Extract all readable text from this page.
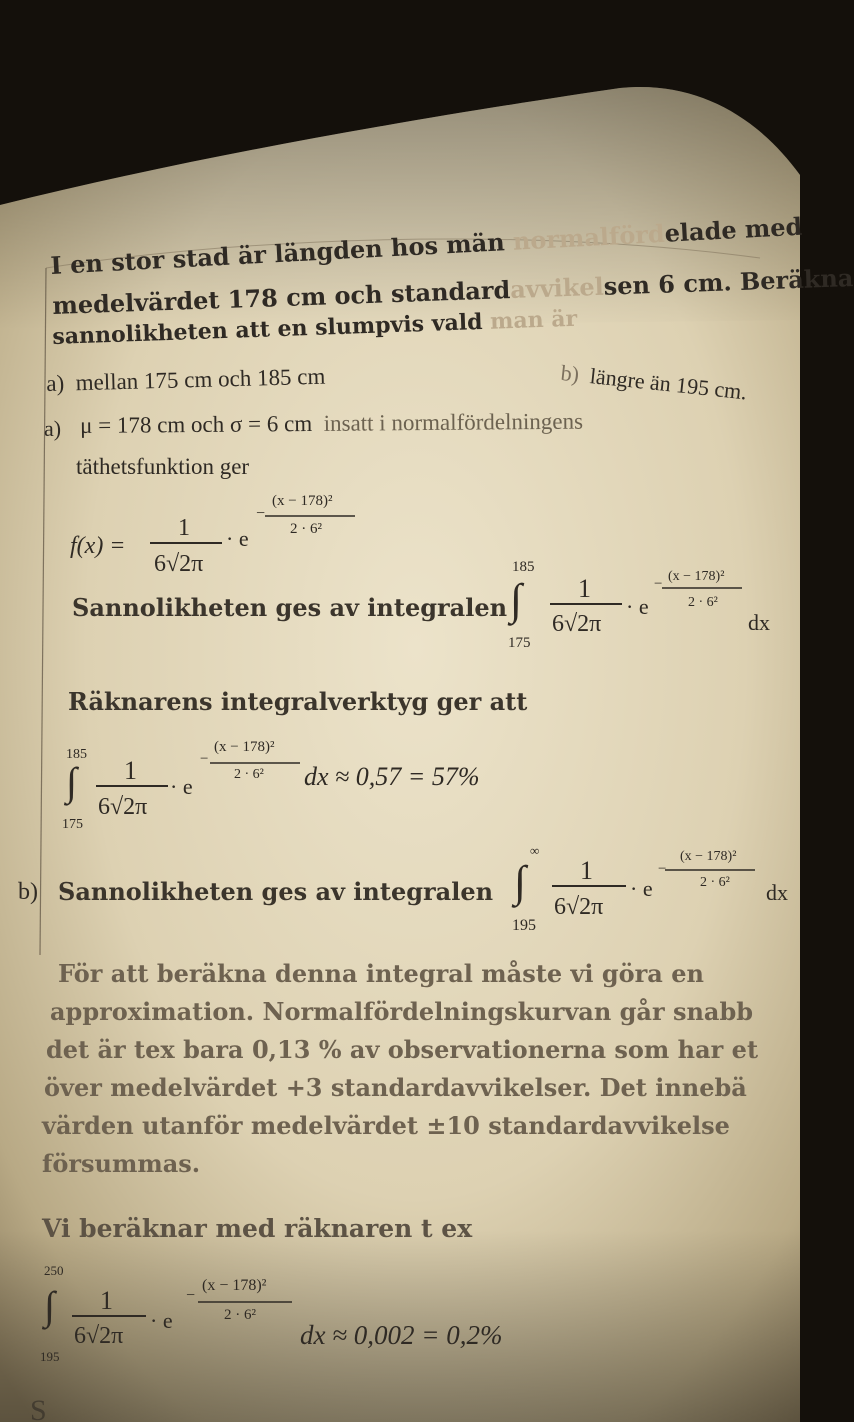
S
I en stor stad är längden hos män normalfördelade med
medelvärdet 178 cm och standardavvikelsen 6 cm. Beräkna
sannolikheten att en slumpvis vald man är
a) mellan 175 cm och 185 cm	b) längre än 195 cm.
a) μ = 178 cm och σ = 6 cm insatt i normalfördelningens
täthetsfunktion ger
f(x) =
1
6√2π
· e
−
(x − 178)²
2 · 6²
Sannolikheten ges av integralen ∫
185
175
1
6√2π
· e
− (x − 178)²
2 · 6²
dx
Räknarens integralverktyg ger att
∫
185
175
1
6√2π
· e
−
(x − 178)²
2 · 6² dx ≈ 0,57 = 57%
b) Sannolikheten ges av integralen ∫
∞
195
1
6√2π
· e
−
(x − 178)²
2 · 6² dx
För att beräkna denna integral måste vi göra en
approximation. Normalfördelningskurvan går snabb
det är tex bara 0,13 % av observationerna som har et
över medelvärdet +3 standardavvikelser. Det innebä
värden utanför medelvärdet ±10 standardavvikelse
försummas.
Vi beräknar med räknaren t ex
∫
250
195
1
6√2π
· e
−
(x − 178)²
2 · 6²
dx ≈ 0,002 = 0,2%
